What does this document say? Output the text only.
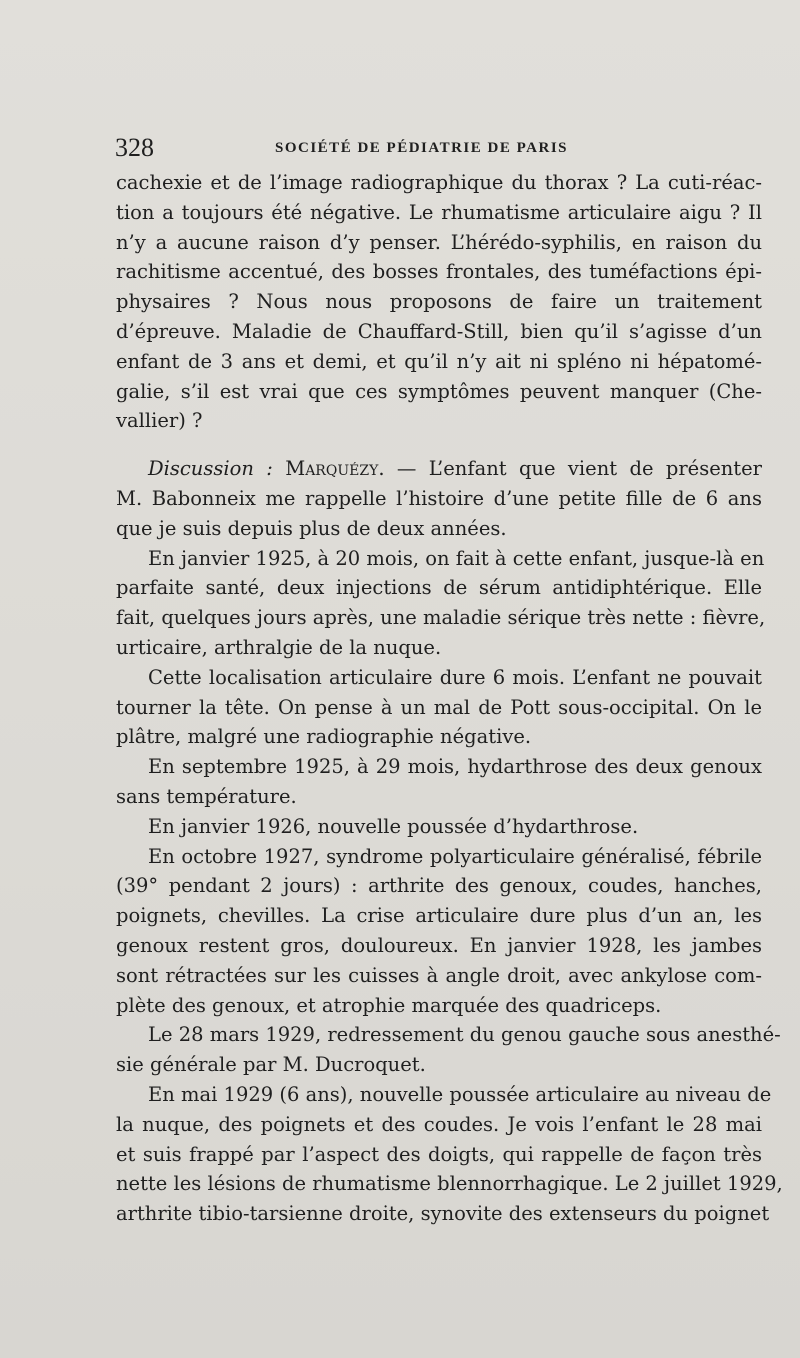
328	SOCIÉTÉ DE PÉDIATRIE DE PARIS
cachexie et de l’image radiographique du thorax ? La cuti-réac-
tion a toujours été négative. Le rhumatisme articulaire aigu ? Il
n’y a aucune raison d’y penser. L’hérédo-syphilis, en raison du
rachitisme accentué, des bosses frontales, des tuméfactions épi-
physaires ? Nous nous proposons de faire un traitement
d’épreuve. Maladie de Chauffard-Still, bien qu’il s’agisse d’un
enfant de 3 ans et demi, et qu’il n’y ait ni spléno ni hépatomé-
galie, s’il est vrai que ces symptômes peuvent manquer (Che-
vallier) ?
Discussion : Marquézy. — L’enfant que vient de présenter
M. Babonneix me rappelle l’histoire d’une petite fille de 6 ans
que je suis depuis plus de deux années.
En janvier 1925, à 20 mois, on fait à cette enfant, jusque-là en
parfaite santé, deux injections de sérum antidiphtérique. Elle
fait, quelques jours après, une maladie sérique très nette : fièvre,
urticaire, arthralgie de la nuque.
Cette localisation articulaire dure 6 mois. L’enfant ne pouvait
tourner la tête. On pense à un mal de Pott sous-occipital. On le
plâtre, malgré une radiographie négative.
En septembre 1925, à 29 mois, hydarthrose des deux genoux
sans température.
En janvier 1926, nouvelle poussée d’hydarthrose.
En octobre 1927, syndrome polyarticulaire généralisé, fébrile
(39° pendant 2 jours) : arthrite des genoux, coudes, hanches,
poignets, chevilles. La crise articulaire dure plus d’un an, les
genoux restent gros, douloureux. En janvier 1928, les jambes
sont rétractées sur les cuisses à angle droit, avec ankylose com-
plète des genoux, et atrophie marquée des quadriceps.
Le 28 mars 1929, redressement du genou gauche sous anesthé-
sie générale par M. Ducroquet.
En mai 1929 (6 ans), nouvelle poussée articulaire au niveau de
la nuque, des poignets et des coudes. Je vois l’enfant le 28 mai
et suis frappé par l’aspect des doigts, qui rappelle de façon très
nette les lésions de rhumatisme blennorrhagique. Le 2 juillet 1929,
arthrite tibio-tarsienne droite, synovite des extenseurs du poignet
